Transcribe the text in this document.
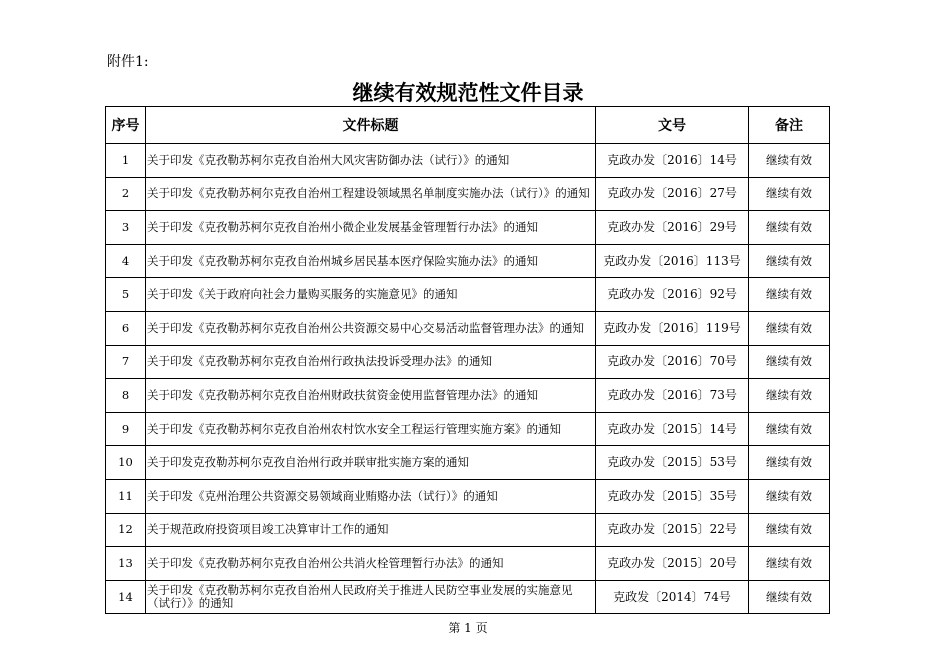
附件1:
继续有效规范性文件目录
序号	文件标题	文号	备注
1	关于印发《克孜勒苏柯尔克孜自治州大风灾害防御办法（试行）》的通知	克政办发〔2016〕14号	继续有效
2	关于印发《克孜勒苏柯尔克孜自治州工程建设领域黑名单制度实施办法（试行）》的通知	克政办发〔2016〕27号	继续有效
3	关于印发《克孜勒苏柯尔克孜自治州小微企业发展基金管理暂行办法》的通知	克政办发〔2016〕29号	继续有效
4	关于印发《克孜勒苏柯尔克孜自治州城乡居民基本医疗保险实施办法》的通知	克政办发〔2016〕113号	继续有效
5	关于印发《关于政府向社会力量购买服务的实施意见》的通知	克政办发〔2016〕92号	继续有效
6	关于印发《克孜勒苏柯尔克孜自治州公共资源交易中心交易活动监督管理办法》的通知	克政办发〔2016〕119号	继续有效
7	关于印发《克孜勒苏柯尔克孜自治州行政执法投诉受理办法》的通知	克政办发〔2016〕70号	继续有效
8	关于印发《克孜勒苏柯尔克孜自治州财政扶贫资金使用监督管理办法》的通知	克政办发〔2016〕73号	继续有效
9	关于印发《克孜勒苏柯尔克孜自治州农村饮水安全工程运行管理实施方案》的通知	克政办发〔2015〕14号	继续有效
10	关于印发克孜勒苏柯尔克孜自治州行政并联审批实施方案的通知	克政办发〔2015〕53号	继续有效
11	关于印发《克州治理公共资源交易领域商业贿赂办法（试行）》的通知	克政办发〔2015〕35号	继续有效
12	关于规范政府投资项目竣工决算审计工作的通知	克政办发〔2015〕22号	继续有效
13	关于印发《克孜勒苏柯尔克孜自治州公共消火栓管理暂行办法》的通知	克政办发〔2015〕20号	继续有效
14	关于印发《克孜勒苏柯尔克孜自治州人民政府关于推进人民防空事业发展的实施意见（试行）》的通知	克政发〔2014〕74号	继续有效
第 1 页
